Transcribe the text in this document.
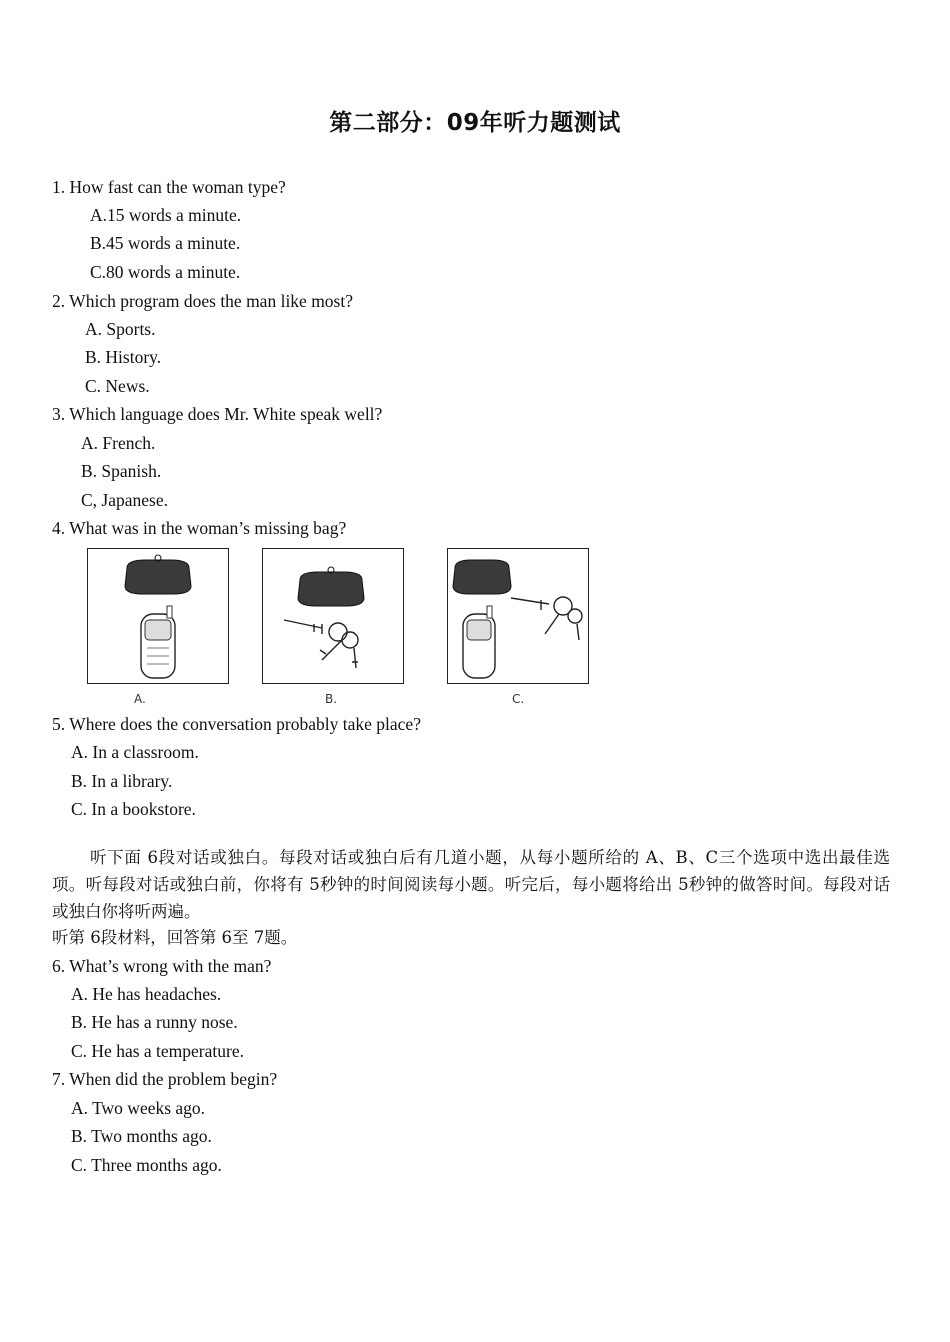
第二部分：09年听力题测试
1. How fast can the woman type?
A.15 words a minute.
B.45 words a minute.
C.80 words a minute.
2. Which program does the man like most?
A. Sports.
B. History.
C. News.
3. Which language does Mr. White speak well?
A. French.
B. Spanish.
C, Japanese.
4. What was in the woman’s missing bag?
A.	B.	C.
5. Where does the conversation probably take place?
A. In a classroom.
B. In a library.
C. In a bookstore.
听下面 6段对话或独白。每段对话或独白后有几道小题，从每小题所给的 A、B、C三个选项中选出最佳选项。听每段对话或独白前，你将有 5秒钟的时间阅读每小题。听完后，每小题将给出 5秒钟的做答时间。每段对话或独白你将听两遍。
听第 6段材料，回答第 6至 7题。
6. What’s wrong with the man?
A. He has headaches.
B. He has a runny nose.
C. He has a temperature.
7. When did the problem begin?
A. Two weeks ago.
B. Two months ago.
C. Three months ago.
